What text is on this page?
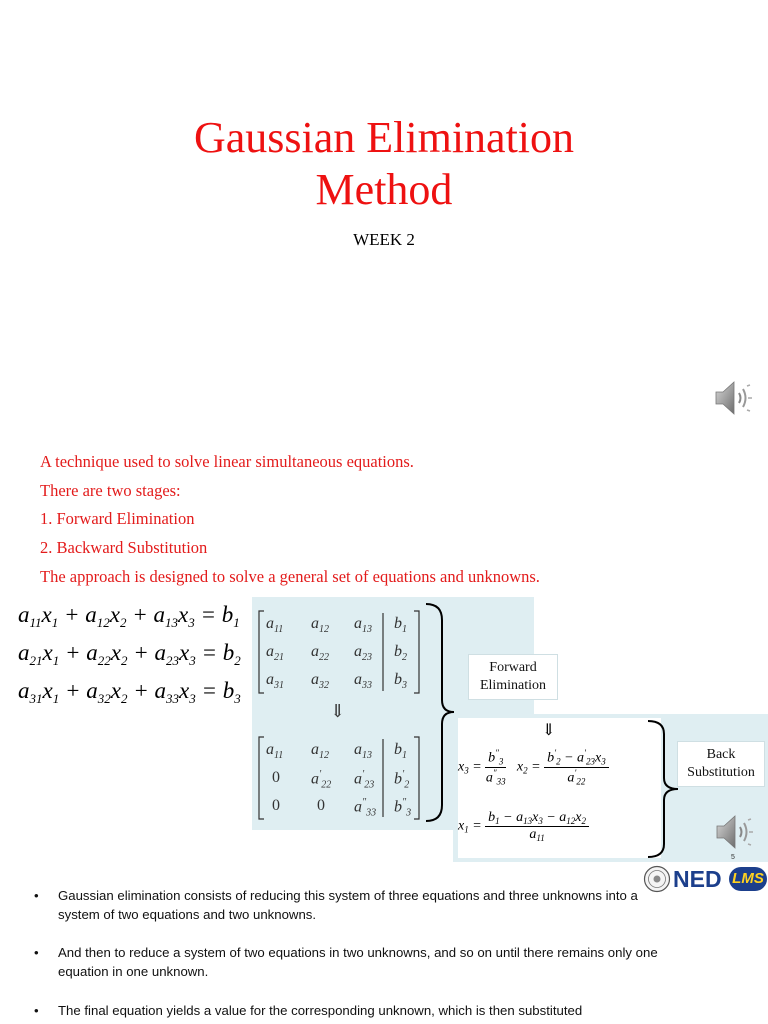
Gaussian Elimination
Method
WEEK 2
A technique used to solve linear simultaneous equations.
There are two stages:
1. Forward Elimination
2. Backward Substitution
The approach is designed to solve a general set of equations and unknowns.
$a_{11}x_1 + a_{12}x_2 + a_{13}x_3 = b_1$
$a_{21}x_1 + a_{22}x_2 + a_{23}x_3 = b_2$
$a_{31}x_1 + a_{32}x_2 + a_{33}x_3 = b_3$
$a_{11}$ $a_{12}$ $a_{13}$ $b_1$
$a_{21}$ $a_{22}$ $a_{23}$ $b_2$
$a_{31}$ $a_{32}$ $a_{33}$ $b_3$
⇓
$a_{11}$ $a_{12}$ $a_{13}$ $b_1$
0 $a'_{22}$ $a'_{23}$ $b'_2$
0 0 $a''_{33}$ $b''_3$
Forward
Elimination
⇓
$x_3 = \frac{b''_3}{a''_{33}} x_2 = \frac{b'_2 - a'_{23}x_3}{a'_{22}}$
$x_1 = \frac{b_1 - a_{13}x_3 - a_{12}x_2}{a_{11}}$
Back
Substitution
5
NED LMS
•	Gaussian elimination consists of reducing this system of three equations and three unknowns into a system of two equations and two unknowns.
•	And then to reduce a system of two equations in two unknowns, and so on until there remains only one equation in one unknown.
•	The final equation yields a value for the corresponding unknown, which is then substituted
